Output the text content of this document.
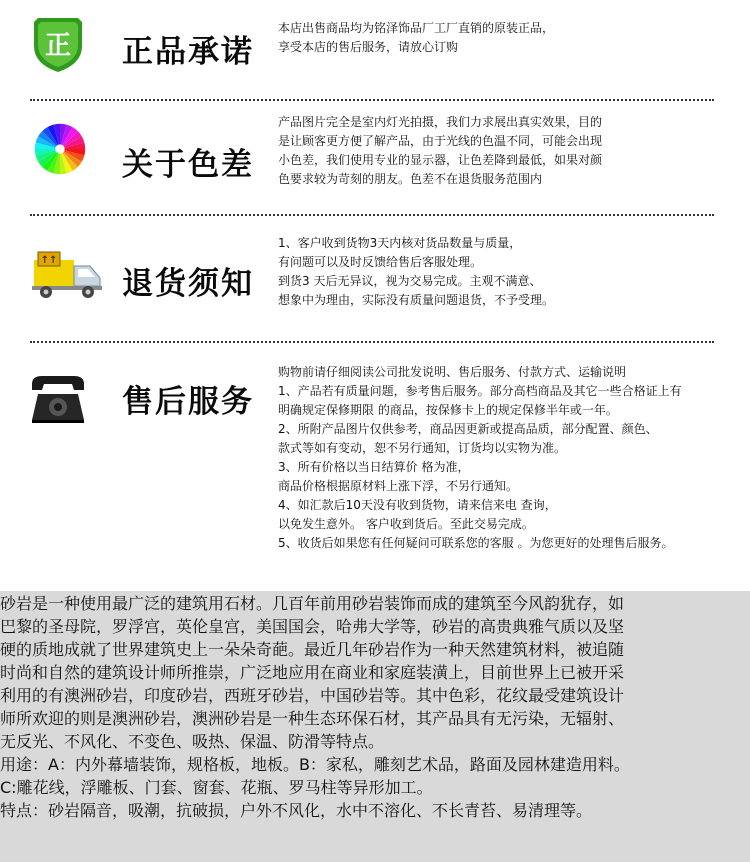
正 正品承诺
本店出售商品均为铭泽饰品厂工厂直销的原装正品，
享受本店的售后服务，请放心订购
关于色差
产品图片完全是室内灯光拍摄，我们力求展出真实效果，目的
是让顾客更方便了解产品，由于光线的色温不同，可能会出现
小色差，我们使用专业的显示器，让色差降到最低，如果对颜
色要求较为苛刻的朋友。色差不在退货服务范围内
↑↑
退货须知
1、客户收到货物3天内核对货品数量与质量，
有问题可以及时反馈给售后客服处理。
到货3 天后无异议，视为交易完成。主观不满意、
想象中为理由，实际没有质量问题退货，不予受理。
售后服务
购物前请仔细阅读公司批发说明、售后服务、付款方式、运输说明
1、产品若有质量问题，参考售后服务。部分高档商品及其它一些合格证上有
明确规定保修期限 的商品，按保修卡上的规定保修半年或一年。
2、所附产品图片仅供参考，商品因更新或提高品质，部分配置、颜色、
款式等如有变动，恕不另行通知，订货均以实物为准。
3、所有价格以当日结算价 格为准，
商品价格根据原材料上涨下浮，不另行通知。
4、如汇款后10天没有收到货物，请来信来电 查询，
以免发生意外。 客户收到货后。至此交易完成。
5、收货后如果您有任何疑问可联系您的客服 。为您更好的处理售后服务。

砂岩是一种使用最广泛的建筑用石材。几百年前用砂岩装饰而成的建筑至今风韵犹存，如
巴黎的圣母院，罗浮宫，英伦皇宫，美国国会，哈弗大学等，砂岩的高贵典雅气质以及坚
硬的质地成就了世界建筑史上一朵朵奇葩。最近几年砂岩作为一种天然建筑材料，被追随
时尚和自然的建筑设计师所推崇，广泛地应用在商业和家庭装潢上，目前世界上已被开采
利用的有澳洲砂岩，印度砂岩，西班牙砂岩，中国砂岩等。其中色彩，花纹最受建筑设计
师所欢迎的则是澳洲砂岩，澳洲砂岩是一种生态环保石材，其产品具有无污染，无辐射、
无反光、不风化、不变色、吸热、保温、防滑等特点。

用途：A：内外幕墙装饰，规格板，地板。B：家私，雕刻艺术品，路面及园林建造用料。
C:雕花线，浮雕板、门套、窗套、花瓶、罗马柱等异形加工。

特点：砂岩隔音，吸潮，抗破损，户外不风化，水中不溶化、不长青苔、易清理等。
